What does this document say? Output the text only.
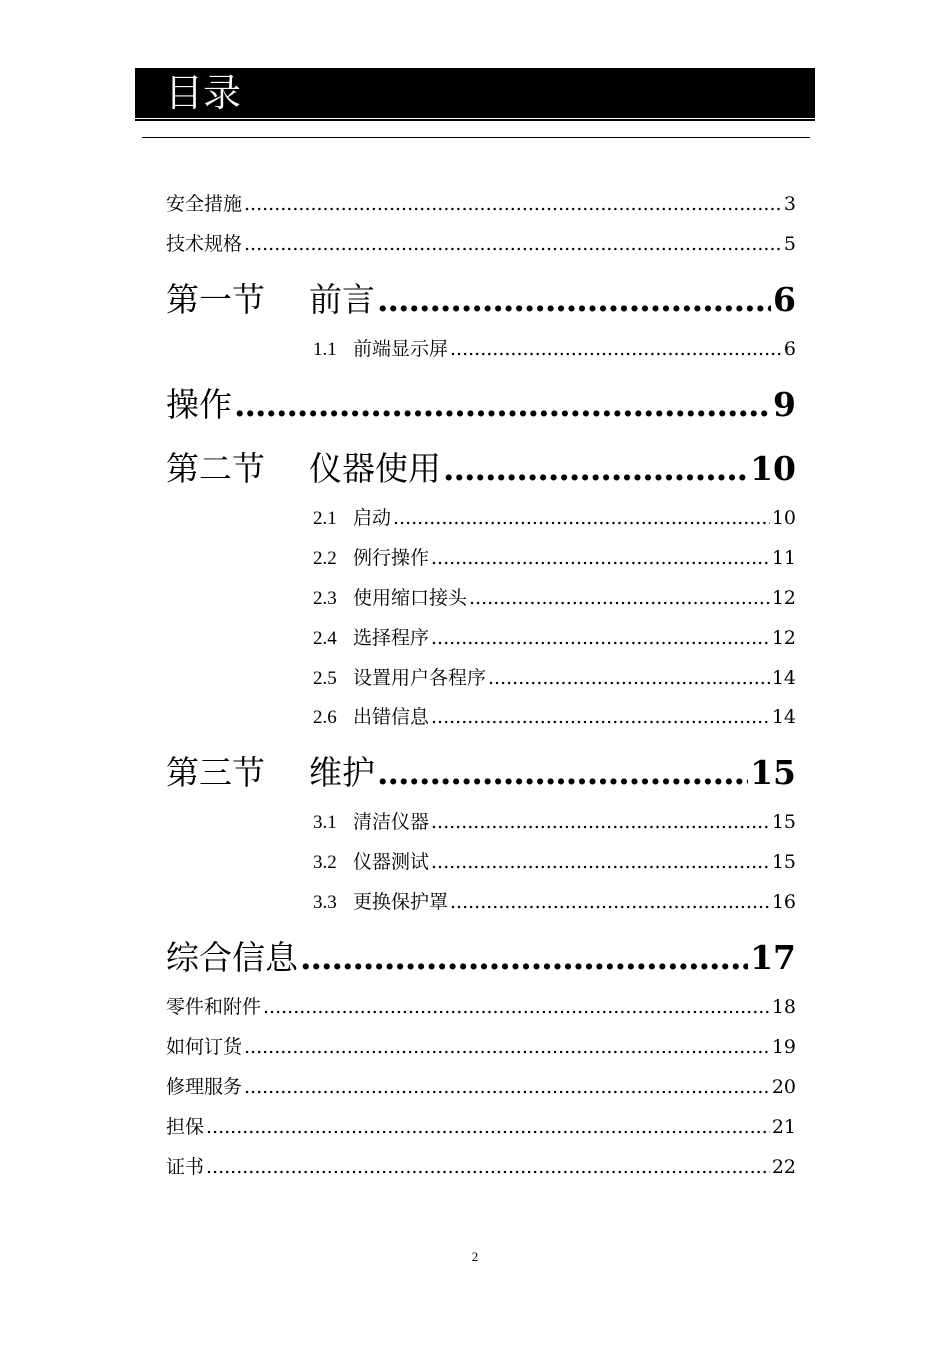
目录
安全措施 .....	3
技术规格 .....	5
第一节	前言 .....	6
1.1 前端显示屏 .....	6
操作 .....	9
第二节	仪器使用 .....	10
2.1 启动 .....	10
2.2 例行操作 .....	11
2.3 使用缩口接头 .....	12
2.4 选择程序 .....	12
2.5 设置用户各程序 .....	14
2.6 出错信息 .....	14
第三节	维护 .....	15
3.1 清洁仪器 .....	15
3.2 仪器测试 .....	15
3.3 更换保护罩 .....	16
综合信息 .....	17
零件和附件 .....	18
如何订货 .....	19
修理服务 .....	20
担保 .....	21
证书 .....	22
2
